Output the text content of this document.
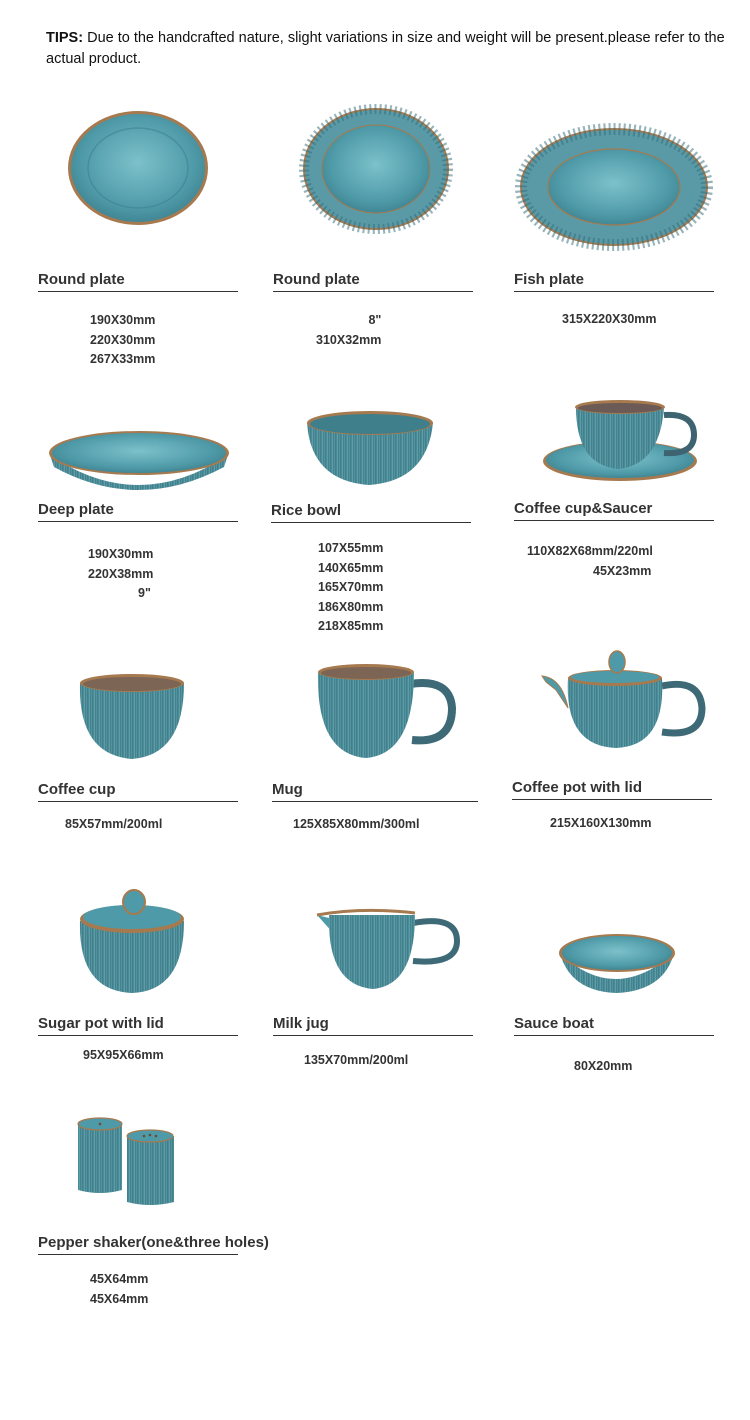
TIPS: Due to the handcrafted nature, slight variations in size and weight will be present.please refer to the actual product.
Round plate
190X30mm
220X30mm
267X33mm
Round plate
8"
310X32mm
Fish plate
315X220X30mm
Deep plate
190X30mm
220X38mm
9"
Rice bowl
107X55mm
140X65mm
165X70mm
186X80mm
218X85mm
Coffee cup&Saucer
110X82X68mm/220ml
45X23mm
Coffee cup
85X57mm/200ml
Mug
125X85X80mm/300ml
Coffee pot with lid
215X160X130mm
Sugar pot with lid
95X95X66mm
Milk jug
135X70mm/200ml
Sauce boat
80X20mm
Pepper shaker(one&three holes)
45X64mm
45X64mm
